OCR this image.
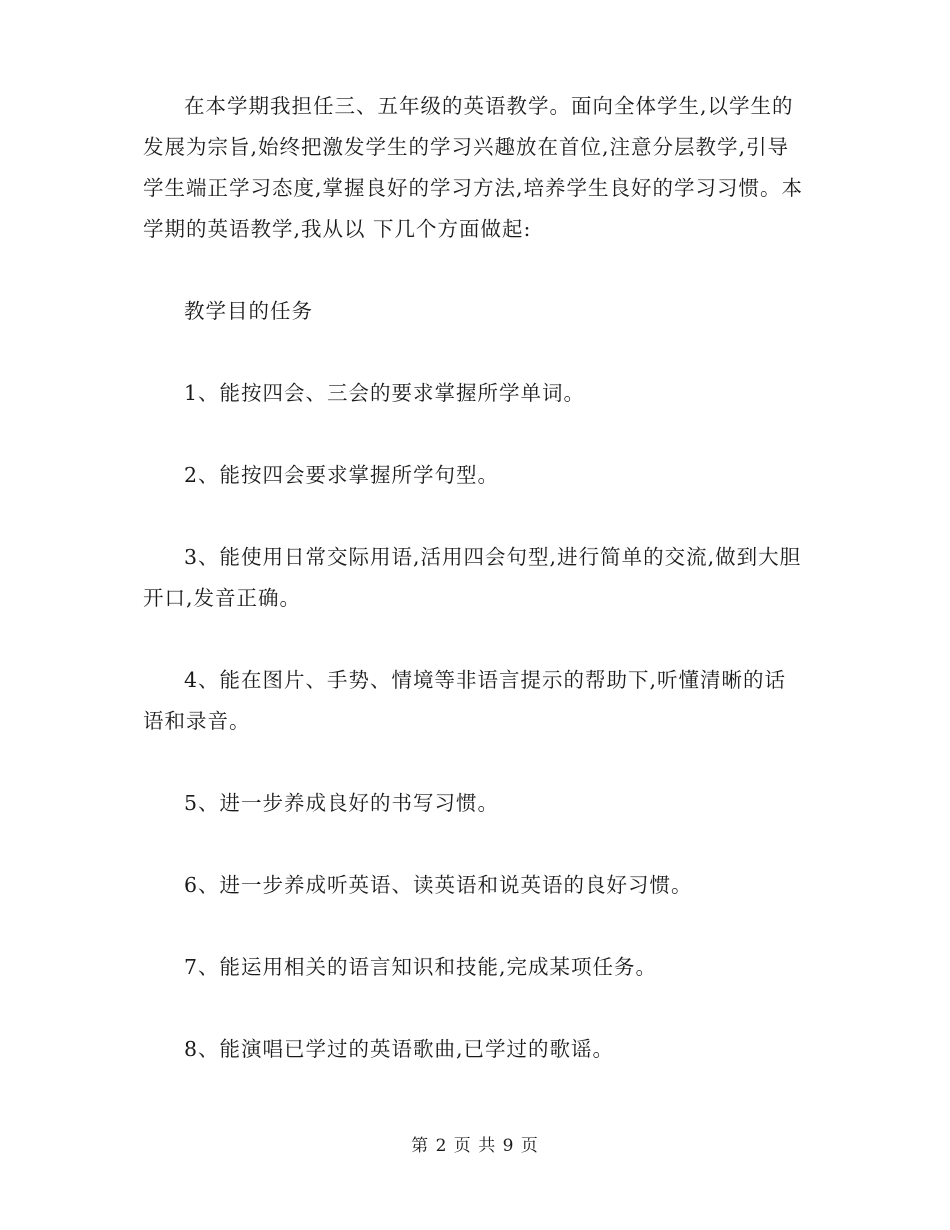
在本学期我担任三、五年级的英语教学。面向全体学生,以学生的发展为宗旨,始终把激发学生的学习兴趣放在首位,注意分层教学,引导学生端正学习态度,掌握良好的学习方法,培养学生良好的学习习惯。本学期的英语教学,我从以 下几个方面做起:

教学目的任务

1、能按四会、三会的要求掌握所学单词。

2、能按四会要求掌握所学句型。

3、能使用日常交际用语,活用四会句型,进行简单的交流,做到大胆开口,发音正确。

4、能在图片、手势、情境等非语言提示的帮助下,听懂清晰的话语和录音。

5、进一步养成良好的书写习惯。

6、进一步养成听英语、读英语和说英语的良好习惯。

7、能运用相关的语言知识和技能,完成某项任务。

8、能演唱已学过的英语歌曲,已学过的歌谣。

第 2 页 共 9 页
